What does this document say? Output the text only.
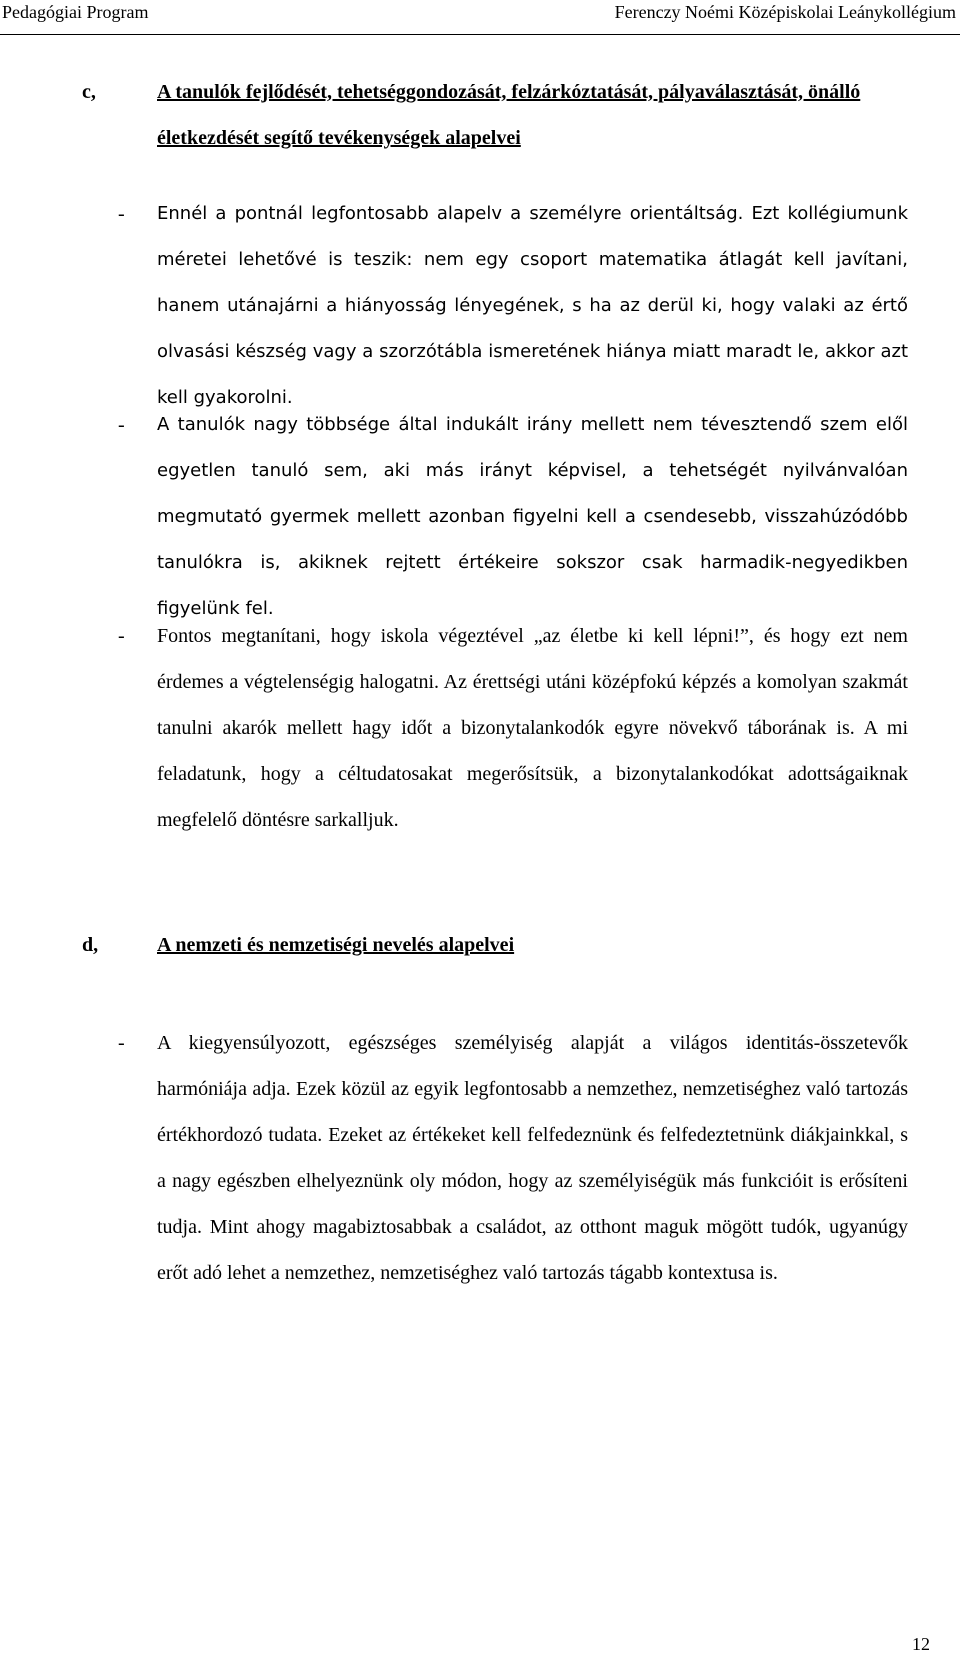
Pedagógiai Program	Ferenczy Noémi Középiskolai Leánykollégium
c,	A tanulók fejlődését, tehetséggondozását, felzárkóztatását, pályaválasztását, önálló életkezdését segítő tevékenységek alapelvei
- Ennél a pontnál legfontosabb alapelv a személyre orientáltság. Ezt kollégiumunk méretei lehetővé is teszik: nem egy csoport matematika átlagát kell javítani, hanem utánajárni a hiányosság lényegének, s ha az derül ki, hogy valaki az értő olvasási készség vagy a szorzótábla ismeretének hiánya miatt maradt le, akkor azt kell gyakorolni.

- A tanulók nagy többsége által indukált irány mellett nem tévesztendő szem elől egyetlen tanuló sem, aki más irányt képvisel, a tehetségét nyilvánvalóan megmutató gyermek mellett azonban figyelni kell a csendesebb, visszahúzódóbb tanulókra is, akiknek rejtett értékeire sokszor csak harmadik-negyedikben figyelünk fel.

- Fontos megtanítani, hogy iskola végeztével „az életbe ki kell lépni!”, és hogy ezt nem érdemes a végtelenségig halogatni. Az érettségi utáni középfokú képzés a komolyan szakmát tanulni akarók mellett hagy időt a bizonytalankodók egyre növekvő táborának is. A mi feladatunk, hogy a céltudatosakat megerősítsük, a bizonytalankodókat adottságaiknak megfelelő döntésre sarkalljuk.

d,	A nemzeti és nemzetiségi nevelés alapelvei
- A kiegyensúlyozott, egészséges személyiség alapját a világos identitás-összetevők harmóniája adja. Ezek közül az egyik legfontosabb a nemzethez, nemzetiséghez való tartozás értékhordozó tudata. Ezeket az értékeket kell felfedeznünk és felfedeztetnünk diákjainkkal, s a nagy egészben elhelyeznünk oly módon, hogy az személyiségük más funkcióit is erősíteni tudja. Mint ahogy magabiztosabbak a családot, az otthont maguk mögött tudók, ugyanúgy erőt adó lehet a nemzethez, nemzetiséghez való tartozás tágabb kontextusa is.

12
